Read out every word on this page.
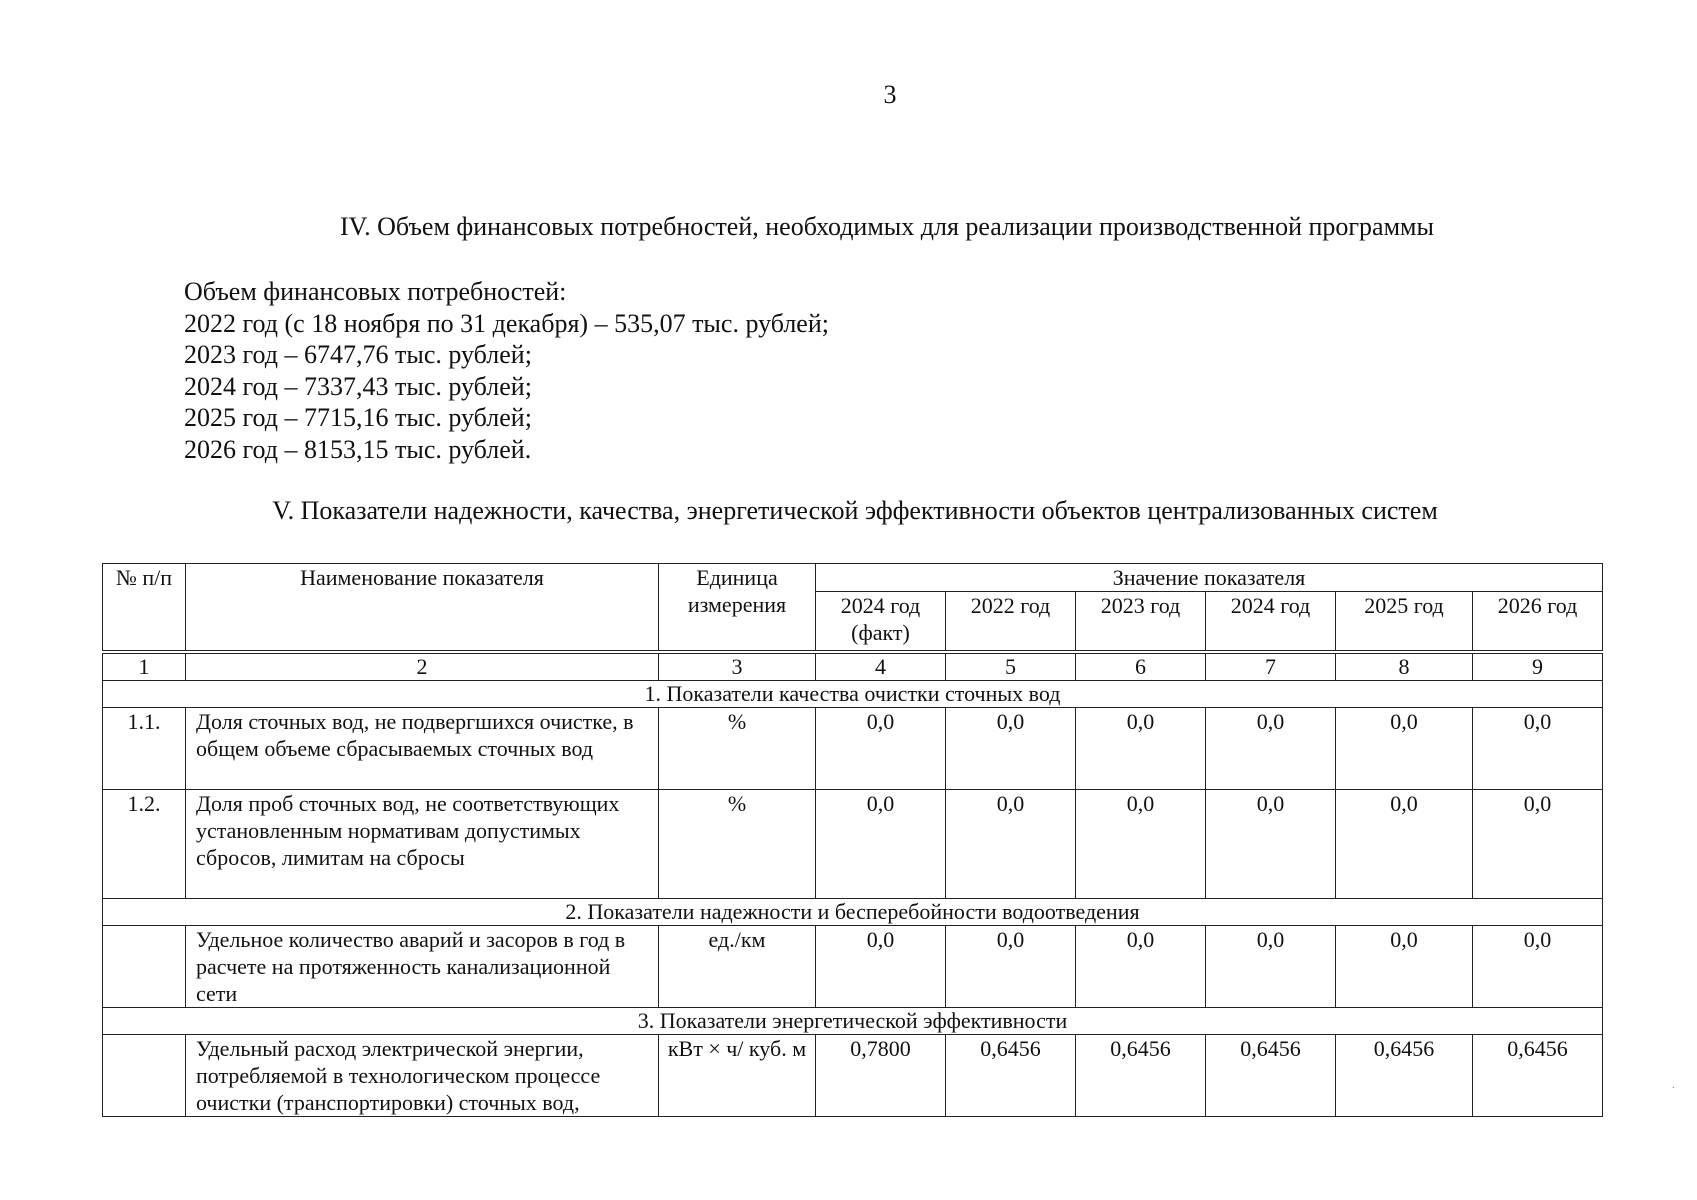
3
IV. Объем финансовых потребностей, необходимых для реализации производственной программы
Объем финансовых потребностей:
2022 год (с 18 ноября по 31 декабря) – 535,07 тыс. рублей;
2023 год – 6747,76 тыс. рублей;
2024 год – 7337,43 тыс. рублей;
2025 год – 7715,16 тыс. рублей;
2026 год – 8153,15 тыс. рублей.
V. Показатели надежности, качества, энергетической эффективности объектов централизованных систем
№ п/п	Наименование показателя	Единица измерения	Значение показателя					
			2024 год (факт)	2022 год	2023 год	2024 год	2025 год	2026 год

1	2	3	4	5	6	7	8	9
1. Показатели качества очистки сточных вод								
1.1.	Доля сточных вод, не подвергшихся очистке, в общем объеме сбрасываемых сточных вод	%	0,0	0,0	0,0	0,0	0,0	0,0
1.2.	Доля проб сточных вод, не соответствующих установленным нормативам допустимых сбросов, лимитам на сбросы	%	0,0	0,0	0,0	0,0	0,0	0,0
2. Показатели надежности и бесперебойности водоотведения								
	Удельное количество аварий и засоров в год в расчете на протяженность канализационной сети	ед./км	0,0	0,0	0,0	0,0	0,0	0,0
3. Показатели энергетической эффективности								
	Удельный расход электрической энергии, потребляемой в технологическом процессе очистки (транспортировки) сточных вод,	кВт × ч/ куб. м	0,7800	0,6456	0,6456	0,6456	0,6456	0,6456
·
